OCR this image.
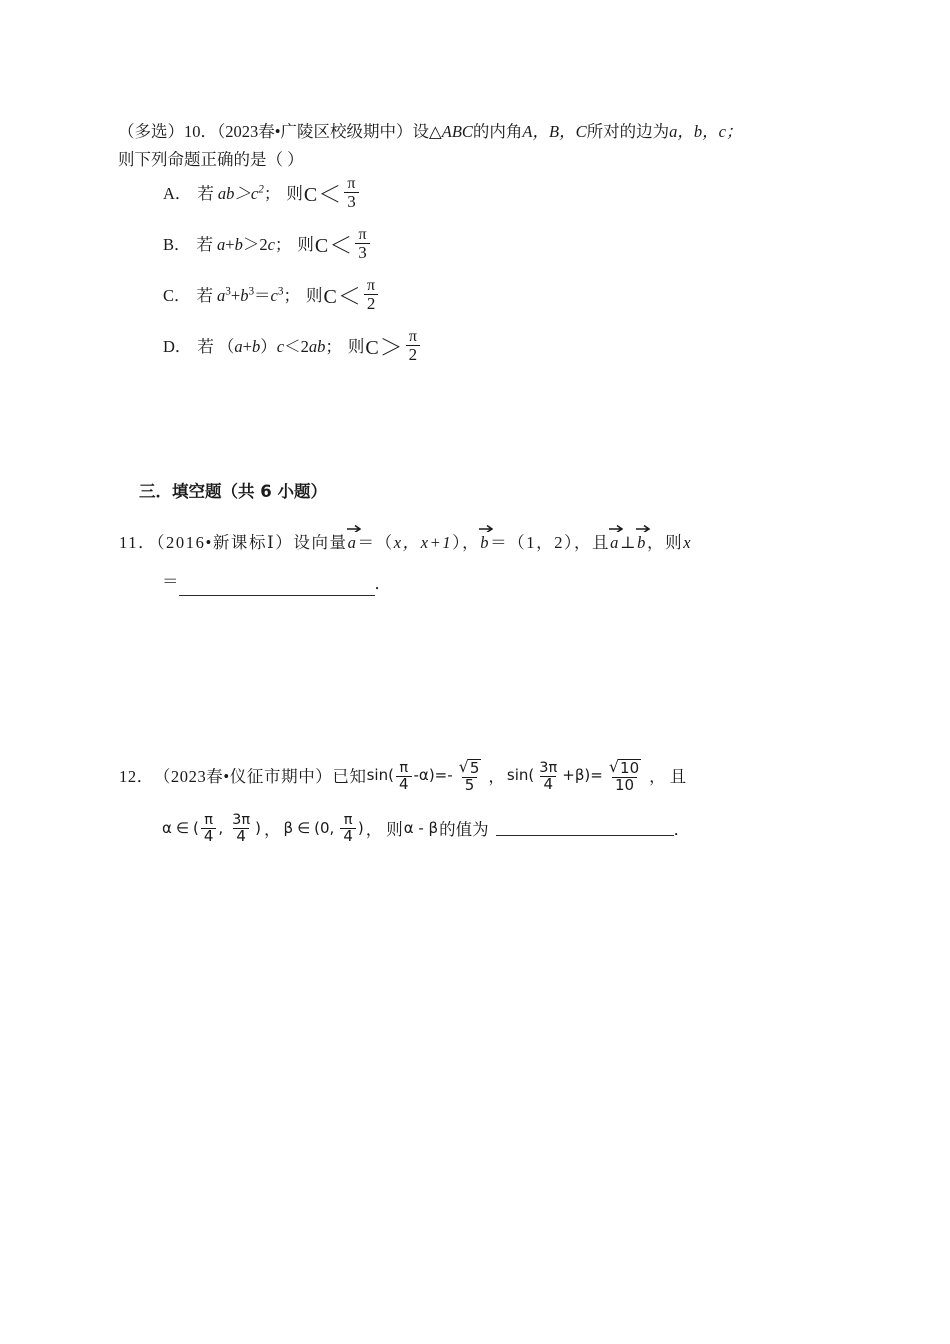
（多选）10．（2023春•广陵区校级期中）设△ABC的内角A，B，C所对的边为a，b，c；
则下列命题正确的是（ ）
A． 若 $ab>c^2$ ； 则 $C < \frac{\pi}{3}$
B． 若 a+b＞2c ； 则 $C < \frac{\pi}{3}$
C． 若 $a^3+b^3=c^3$ ； 则 $C < \frac{\pi}{2}$
D． 若 （a+b）c＜2ab ； 则 $C > \frac{\pi}{2}$
三．填空题（共 6 小题）
11．（2016•新课标Ⅰ）设向量
a＝（x，x+1），
b＝（1，2），且
a⊥
b，则x
＝	．
12． （2023春•仪征市期中） 已知 sin ( $\frac{\pi}{4}$ - α ) = - $\frac{√ 5}{5}$ ， sin ( $\frac{3\pi}{4} + \beta$ ) = $\frac{√ 10}{10}$ ， 且
α ∈ ( $\frac{\pi}{4}$ , $\frac{3\pi}{4}$ ) ， β ∈ ( 0, $\frac{\pi}{4}$ ) ， 则 α - β 的值为	．
